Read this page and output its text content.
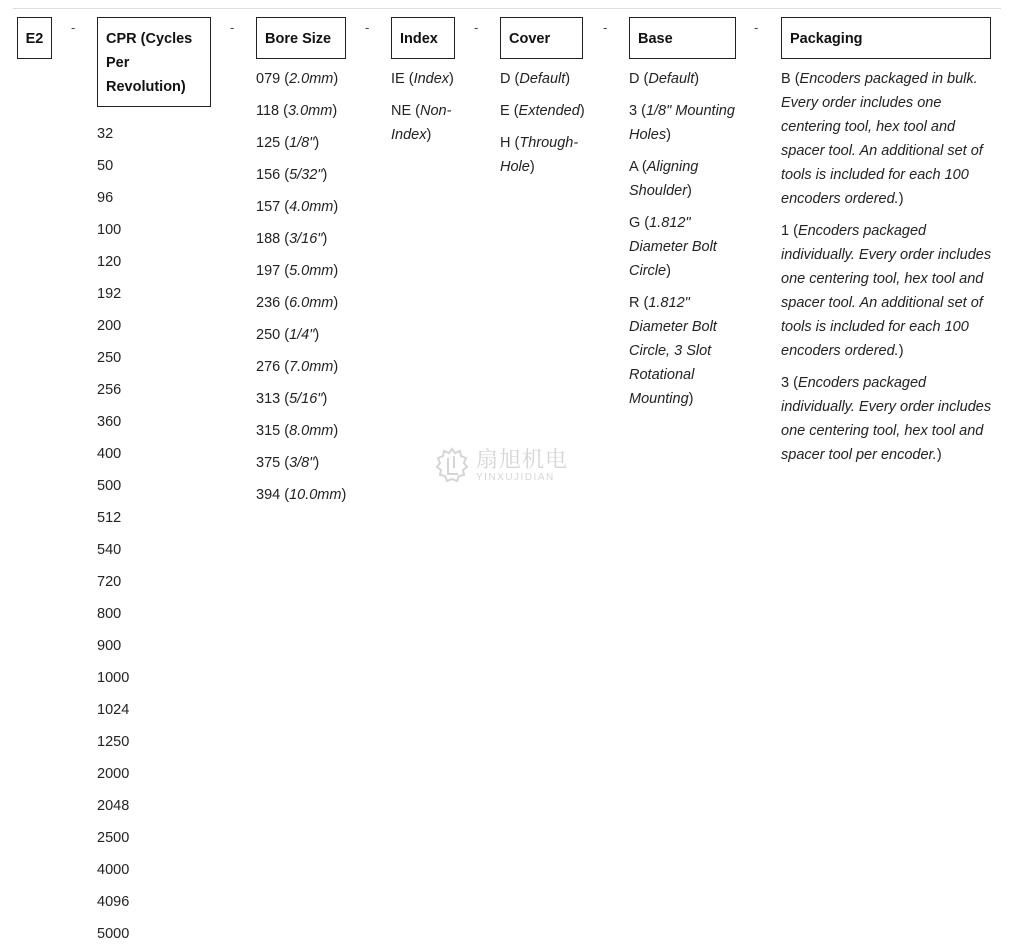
E2
-
CPR (Cycles Per Revolution)
32
50
96
100
120
192
200
250
256
360
400
500
512
540
720
800
900
1000
1024
1250
2000
2048
2500
4000
4096
5000
-
Bore Size
079 (2.0mm)
118 (3.0mm)
125 (1/8")
156 (5/32")
157 (4.0mm)
188 (3/16")
197 (5.0mm)
236 (6.0mm)
250 (1/4")
276 (7.0mm)
313 (5/16")
315 (8.0mm)
375 (3/8")
394 (10.0mm)
-
Index
IE (Index)
NE (Non-Index)
-
Cover
D (Default)
E (Extended)
H (Through-Hole)
-
Base
D (Default)
3 (1/8" Mounting Holes)
A (Aligning Shoulder)
G (1.812" Diameter Bolt Circle)
R (1.812" Diameter Bolt Circle, 3 Slot Rotational Mounting)
-
Packaging
B (Encoders packaged in bulk. Every order includes one centering tool, hex tool and spacer tool. An additional set of tools is included for each 100 encoders ordered.)
1 (Encoders packaged individually. Every order includes one centering tool, hex tool and spacer tool. An additional set of tools is included for each 100 encoders ordered.)
3 (Encoders packaged individually. Every order includes one centering tool, hex tool and spacer tool per encoder.)
扇旭机电
YINXUJIDIAN
